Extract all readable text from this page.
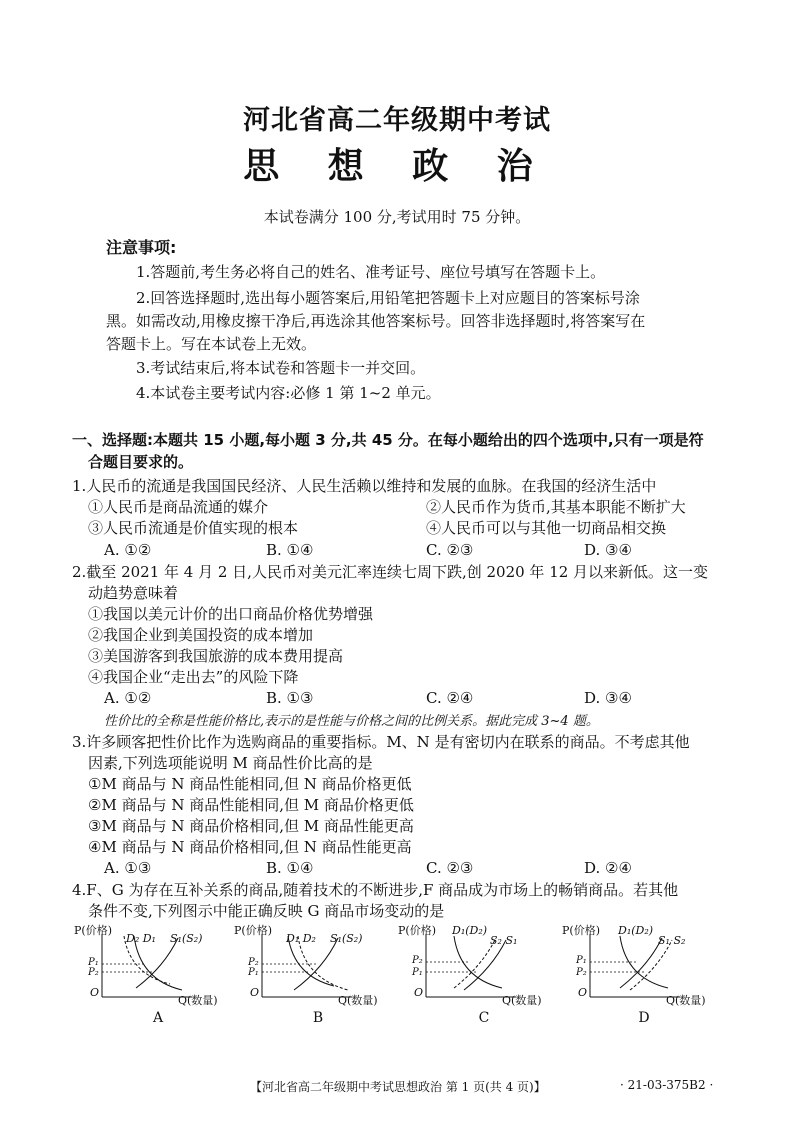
河北省高二年级期中考试
思 想 政 治
本试卷满分 100 分,考试用时 75 分钟。
注意事项:
1.答题前,考生务必将自己的姓名、准考证号、座位号填写在答题卡上。
2.回答选择题时,选出每小题答案后,用铅笔把答题卡上对应题目的答案标号涂
黑。如需改动,用橡皮擦干净后,再选涂其他答案标号。回答非选择题时,将答案写在
答题卡上。写在本试卷上无效。
3.考试结束后,将本试卷和答题卡一并交回。
4.本试卷主要考试内容:必修 1 第 1~2 单元。
一、选择题:本题共 15 小题,每小题 3 分,共 45 分。在每小题给出的四个选项中,只有一项是符
合题目要求的。
1.人民币的流通是我国国民经济、人民生活赖以维持和发展的血脉。在我国的经济生活中
①人民币是商品流通的媒介	②人民币作为货币,其基本职能不断扩大
③人民币流通是价值实现的根本	④人民币可以与其他一切商品相交换
A. ①②	B. ①④	C. ②③	D. ③④
2.截至 2021 年 4 月 2 日,人民币对美元汇率连续七周下跌,创 2020 年 12 月以来新低。这一变
动趋势意味着
①我国以美元计价的出口商品价格优势增强
②我国企业到美国投资的成本增加
③美国游客到我国旅游的成本费用提高
④我国企业“走出去”的风险下降
A. ①②	B. ①③	C. ②④	D. ③④
性价比的全称是性能价格比,表示的是性能与价格之间的比例关系。据此完成 3~4 题。
3.许多顾客把性价比作为选购商品的重要指标。M、N 是有密切内在联系的商品。不考虑其他
因素,下列选项能说明 M 商品性价比高的是
①M 商品与 N 商品性能相同,但 N 商品价格更低
②M 商品与 N 商品性能相同,但 M 商品价格更低
③M 商品与 N 商品价格相同,但 M 商品性能更高
④M 商品与 N 商品价格相同,但 N 商品性能更高
A. ①③	B. ①④	C. ②③	D. ②④
4.F、G 为存在互补关系的商品,随着技术的不断进步,F 商品成为市场上的畅销商品。若其他
条件不变,下列图示中能正确反映 G 商品市场变动的是
P(价格)
D₂ D₁ S₁(S₂)
P₁
P₂
O
Q(数量)
A
P(价格)
D₁ D₂ S₁(S₂)
P₂
P₁
O
Q(数量)
B
P(价格) D₁(D₂)
S₂ S₁
P₂
P₁
O
Q(数量)
C
P(价格) D₁(D₂)
S₁ S₂
P₁
P₂
O
Q(数量)
D
【河北省高二年级期中考试思想政治 第 1 页(共 4 页)】	· 21-03-375B2 ·
